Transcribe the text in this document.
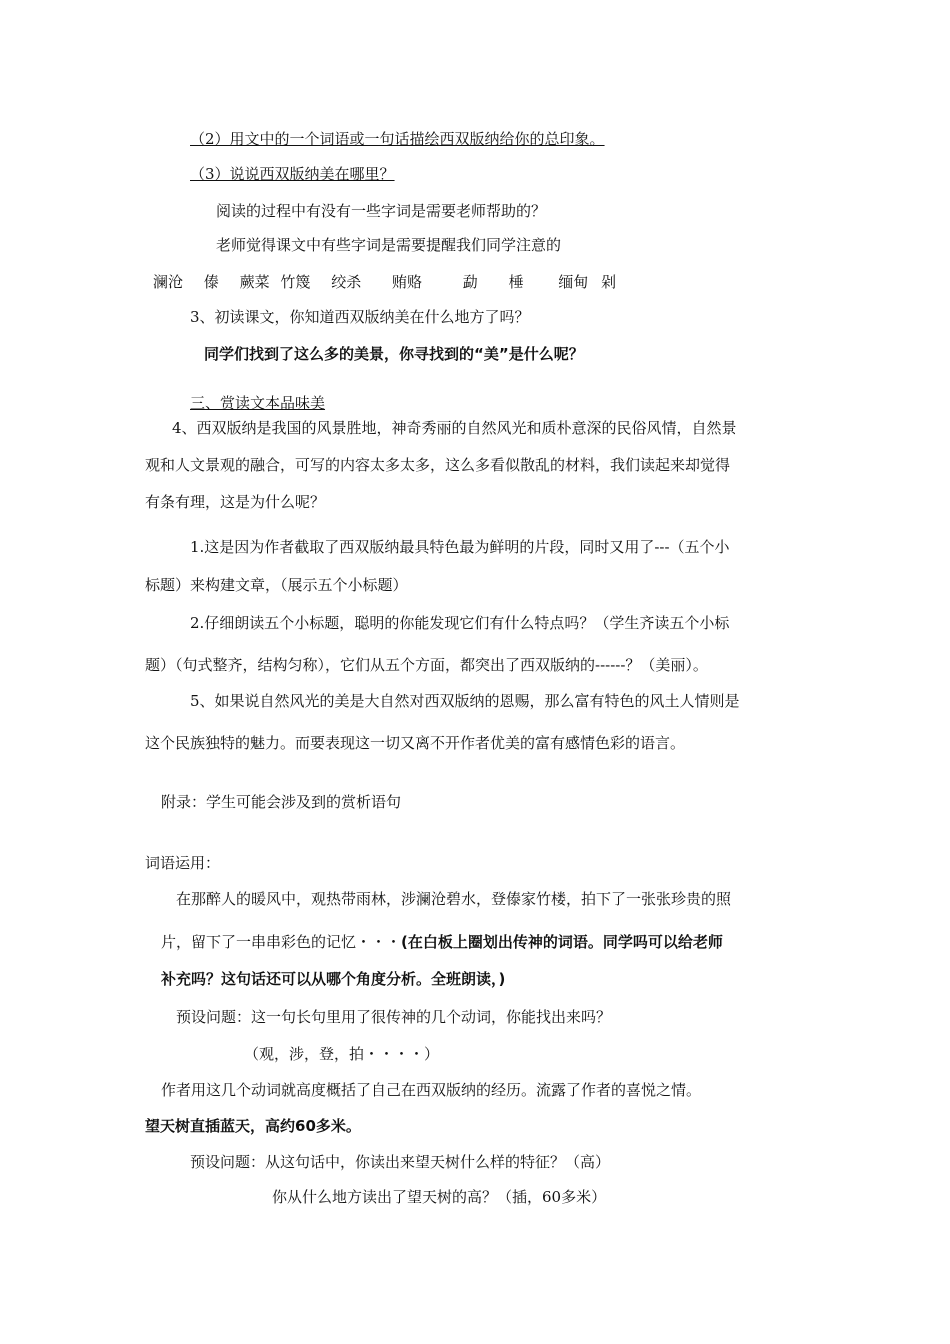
（2）用文中的一个词语或一句话描绘西双版纳给你的总印象。
（3）说说西双版纳美在哪里？
阅读的过程中有没有一些字词是需要老师帮助的？
老师觉得课文中有些字词是需要提醒我们同学注意的
澜沧 傣 蕨菜 竹篾 绞杀 贿赂	勐 棰 缅甸 剁
3、初读课文，你知道西双版纳美在什么地方了吗？
同学们找到了这么多的美景，你寻找到的“美”是什么呢？
三、赏读文本品味美
4、西双版纳是我国的风景胜地，神奇秀丽的自然风光和质朴意深的民俗风情，自然景
观和人文景观的融合，可写的内容太多太多，这么多看似散乱的材料，我们读起来却觉得
有条有理，这是为什么呢？
1.这是因为作者截取了西双版纳最具特色最为鲜明的片段，同时又用了---（五个小
标题）来构建文章，（展示五个小标题）
2.仔细朗读五个小标题，聪明的你能发现它们有什么特点吗？（学生齐读五个小标
题）（句式整齐，结构匀称），它们从五个方面，都突出了西双版纳的------？（美丽）。
5、如果说自然风光的美是大自然对西双版纳的恩赐，那么富有特色的风土人情则是
这个民族独特的魅力。而要表现这一切又离不开作者优美的富有感情色彩的语言。
附录：学生可能会涉及到的赏析语句
词语运用：
在那醉人的暖风中，观热带雨林，涉澜沧碧水，登傣家竹楼，拍下了一张张珍贵的照
片，留下了一串串彩色的记忆・・・(在白板上圈划出传神的词语。同学吗可以给老师
补充吗？这句话还可以从哪个角度分析。全班朗读，)
预设问题：这一句长句里用了很传神的几个动词，你能找出来吗？
（观，涉，登，拍・・・・）
作者用这几个动词就高度概括了自己在西双版纳的经历。流露了作者的喜悦之情。
望天树直插蓝天，高约60多米。
预设问题：从这句话中，你读出来望天树什么样的特征？（高）
你从什么地方读出了望天树的高？（插，60多米）
